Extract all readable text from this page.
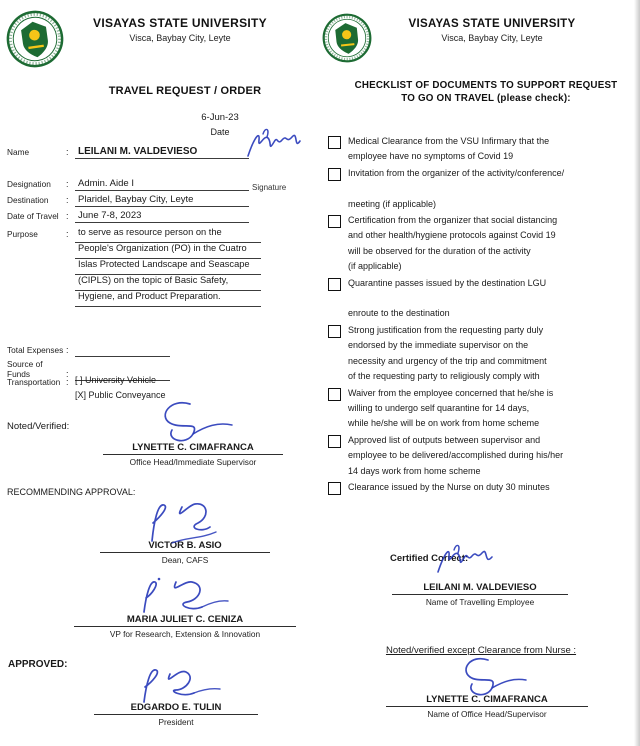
VISAYAS STATE UNIVERSITY
Visca, Baybay City, Leyte
TRAVEL REQUEST / ORDER
6-Jun-23
Date
Name	: LEILANI M. VALDEVIESO
Designation	: Admin. Aide I	Signature
Destination	: Plaridel, Baybay City, Leyte
Date of Travel : June 7-8, 2023
Purpose	:	to serve as resource person on the
People's Organization (PO) in the Cuatro
Islas Protected Landscape and Seascape
(CIPLS) on the topic of Basic Safety,
Hygiene, and Product Preparation.
Total Expenses :

Source of Funds	:

Transportation : [ ] University Vehicle
[X] Public Conveyance
Noted/Verified:
LYNETTE C. CIMAFRANCA
Office Head/Immediate Supervisor
RECOMMENDING APPROVAL:
VICTOR B. ASIO
Dean, CAFS
MARIA JULIET C. CENIZA
VP for Research, Extension & Innovation
APPROVED:
EDGARDO E. TULIN
President
VISAYAS STATE UNIVERSITY
Visca, Baybay City, Leyte
CHECKLIST OF DOCUMENTS TO SUPPORT REQUEST
TO GO ON TRAVEL (please check):
Medical Clearance from the VSU Infirmary that the
employee have no symptoms of Covid 19
Invitation from the organizer of the activity/conference/

meeting (if applicable)
Certification from the organizer that social distancing
and other health/hygiene protocols against Covid 19
will be observed for the duration of the activity
(if applicable)
Quarantine passes issued by the destination LGU

enroute to the destination
Strong justification from the requesting party duly
endorsed by the immediate supervisor on the
necessity and urgency of the trip and commitment
of the requesting party to religiously comply with
Waiver from the employee concerned that he/she is
willing to undergo self quarantine for 14 days,
while he/she will be on work from home scheme
Approved list of outputs between supervisor and
employee to be delivered/accomplished during his/her
14 days work from home scheme
Clearance issued by the Nurse on duty 30 minutes
Certified Correct:
LEILANI M. VALDEVIESO
Name of Travelling Employee
Noted/verified except Clearance from Nurse :
LYNETTE C. CIMAFRANCA
Name of Office Head/Supervisor
